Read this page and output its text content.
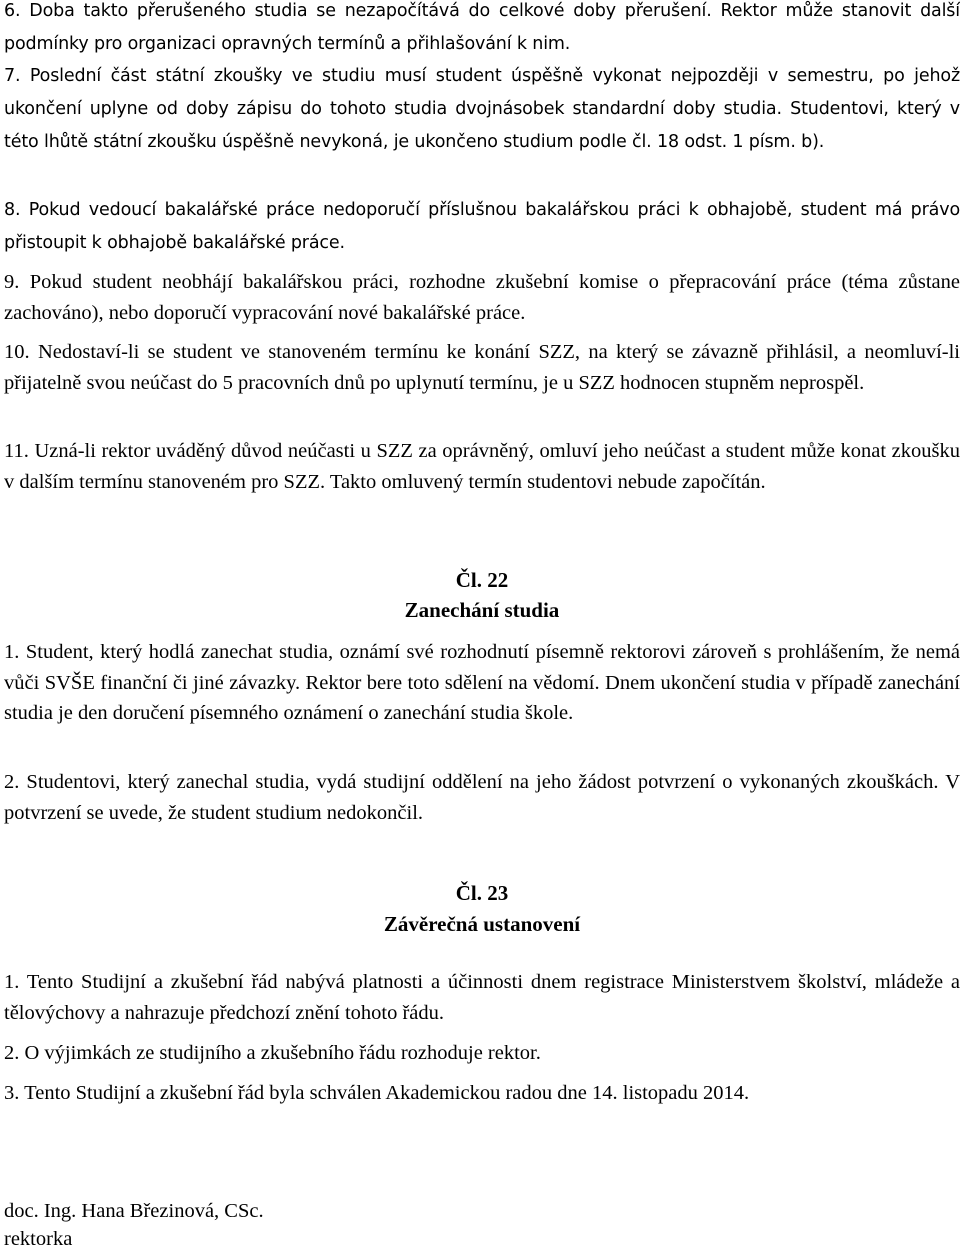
6. Doba takto přerušeného studia se nezapočítává do celkové doby přerušení. Rektor může stanovit další podmínky pro organizaci opravných termínů a přihlašování k nim.

7. Poslední část státní zkoušky ve studiu musí student úspěšně vykonat nejpozději v semestru, po jehož ukončení uplyne od doby zápisu do tohoto studia dvojnásobek standardní doby studia. Studentovi, který v této lhůtě státní zkoušku úspěšně nevykoná, je ukončeno studium podle čl. 18 odst. 1 písm. b).

8. Pokud vedoucí bakalářské práce nedoporučí příslušnou bakalářskou práci k obhajobě, student má právo přistoupit k obhajobě bakalářské práce.

9. Pokud student neobhájí bakalářskou práci, rozhodne zkušební komise o přepracování práce (téma zůstane zachováno), nebo doporučí vypracování nové bakalářské práce.

10. Nedostaví-li se student ve stanoveném termínu ke konání SZZ, na který se závazně přihlásil, a neomluví-li přijatelně svou neúčast do 5 pracovních dnů po uplynutí termínu, je u SZZ hodnocen stupněm neprospěl.

11. Uzná-li rektor uváděný důvod neúčasti u SZZ za oprávněný, omluví jeho neúčast a student může konat zkoušku v dalším termínu stanoveném pro SZZ. Takto omluvený termín studentovi nebude započítán.

Čl. 22
Zanechání studia

1. Student, který hodlá zanechat studia, oznámí své rozhodnutí písemně rektorovi zároveň s prohlášením, že nemá vůči SVŠE finanční či jiné závazky. Rektor bere toto sdělení na vědomí. Dnem ukončení studia v případě zanechání studia je den doručení písemného oznámení o zanechání studia škole.

2. Studentovi, který zanechal studia, vydá studijní oddělení na jeho žádost potvrzení o vykonaných zkouškách. V potvrzení se uvede, že student studium nedokončil.

Čl. 23
Závěrečná ustanovení

1. Tento Studijní a zkušební řád nabývá platnosti a účinnosti dnem registrace Ministerstvem školství, mládeže a tělovýchovy a nahrazuje předchozí znění tohoto řádu.

2. O výjimkách ze studijního a zkušebního řádu rozhoduje rektor.

3. Tento Studijní a zkušební řád byla schválen Akademickou radou dne 14. listopadu 2014.

doc. Ing. Hana Březinová, CSc.

rektorka
